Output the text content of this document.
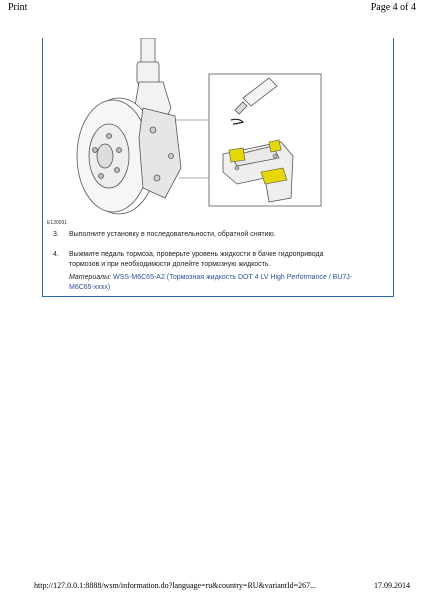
Print	Page 4 of 4
E130091
3.	Выполните установку в последовательности, обратной снятию.
4.	Выжмите педаль тормоза, проверьте уровень жидкости в бачке гидропривода
тормозов и при необходимости долейте тормозную жидкость.
Материалы: WSS-M6C65-A2 (Тормозная жидкость DOT 4 LV High Performance / BU7J-
M6C65-xxxx)
http://127.0.0.1:8888/wsm/information.do?language=ru&country=RU&variantId=267...	17.09.2014
